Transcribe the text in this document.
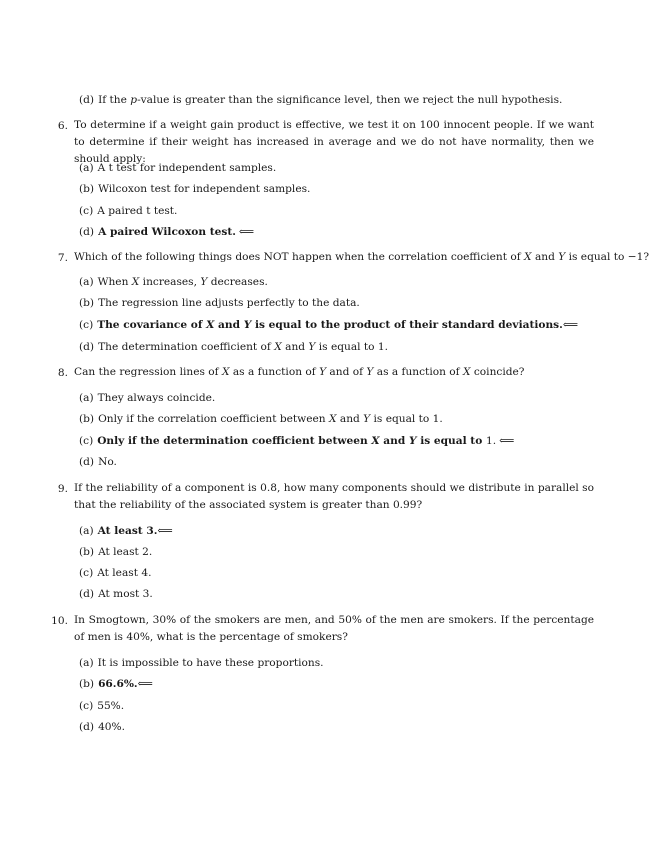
(d) If the p-value is greater than the significance level, then we reject the null hypothesis.
6. To determine if a weight gain product is effective, we test it on 100 innocent people. If we want to determine if their weight has increased in average and we do not have normality, then we should apply:
(a) A t test for independent samples.
(b) Wilcoxon test for independent samples.
(c) A paired t test.
(d) A paired Wilcoxon test. ⟸
7. Which of the following things does NOT happen when the correlation coefficient of X and Y is equal to −1?
(a) When X increases, Y decreases.
(b) The regression line adjusts perfectly to the data.
(c) The covariance of X and Y is equal to the product of their standard deviations.⟸
(d) The determination coefficient of X and Y is equal to 1.
8. Can the regression lines of X as a function of Y and of Y as a function of X coincide?
(a) They always coincide.
(b) Only if the correlation coefficient between X and Y is equal to 1.
(c) Only if the determination coefficient between X and Y is equal to 1. ⟸
(d) No.
9. If the reliability of a component is 0.8, how many components should we distribute in parallel so that the reliability of the associated system is greater than 0.99?
(a) At least 3.⟸
(b) At least 2.
(c) At least 4.
(d) At most 3.
10. In Smogtown, 30% of the smokers are men, and 50% of the men are smokers. If the percentage of men is 40%, what is the percentage of smokers?
(a) It is impossible to have these proportions.
(b) 66.6%.⟸
(c) 55%.
(d) 40%.
